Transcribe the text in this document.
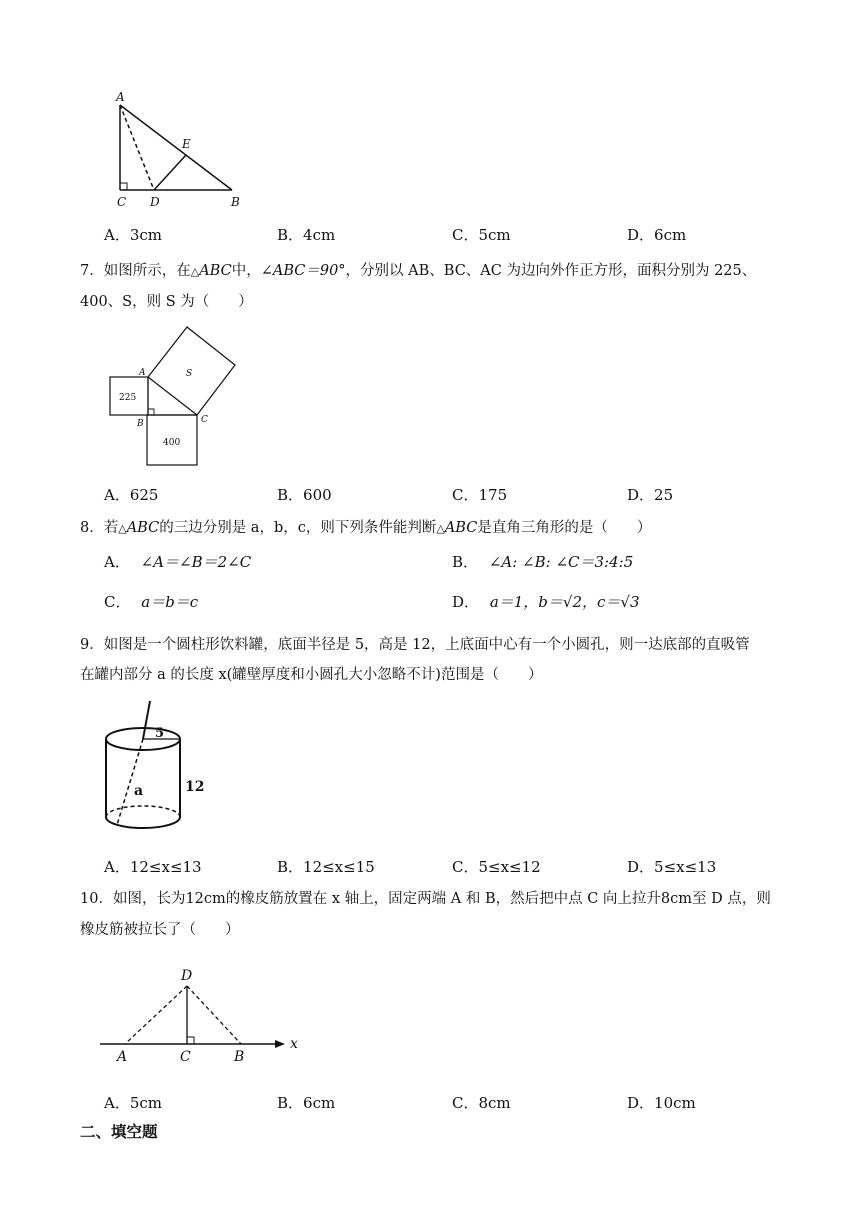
A
E
C D	B
A．3cm	B．4cm	C．5cm	D．6cm
7．如图所示，在△ABC中，∠ABC＝90°，分别以 AB、BC、AC 为边向外作正方形，面积分别为 225、
400、S，则 S 为（　　）
225
400
S
A
B	C
A．625	B．600	C．175	D．25
8．若△ABC的三边分别是 a，b，c，则下列条件能判断△ABC是直角三角形的是（　　）
A． ∠A＝∠B＝2∠C	B． ∠A: ∠B: ∠C＝3:4:5
C． a＝b＝c	D． a＝1，b＝√2，c＝√3
9．如图是一个圆柱形饮料罐，底面半径是 5，高是 12，上底面中心有一个小圆孔，则一达底部的直吸管
在罐内部分 a 的长度 x(罐壁厚度和小圆孔大小忽略不计)范围是（　　）
5
12
a
A．12≤x≤13	B．12≤x≤15	C．5≤x≤12	D．5≤x≤13
10．如图，长为12cm的橡皮筋放置在 x 轴上，固定两端 A 和 B，然后把中点 C 向上拉升8cm至 D 点，则
橡皮筋被拉长了（　　）
D
A	C	B
x
A．5cm	B．6cm	C．8cm	D．10cm
二、填空题
